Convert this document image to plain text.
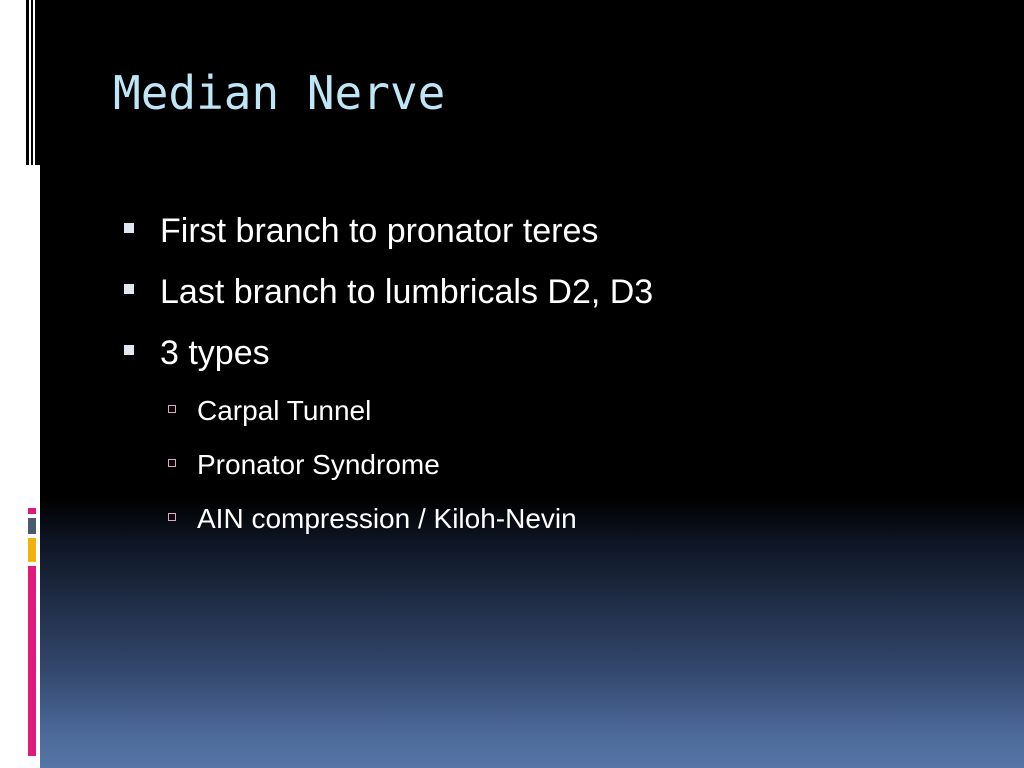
Median Nerve
First branch to pronator teres
Last branch to lumbricals D2, D3
3 types
Carpal Tunnel
Pronator Syndrome
AIN compression / Kiloh-Nevin
